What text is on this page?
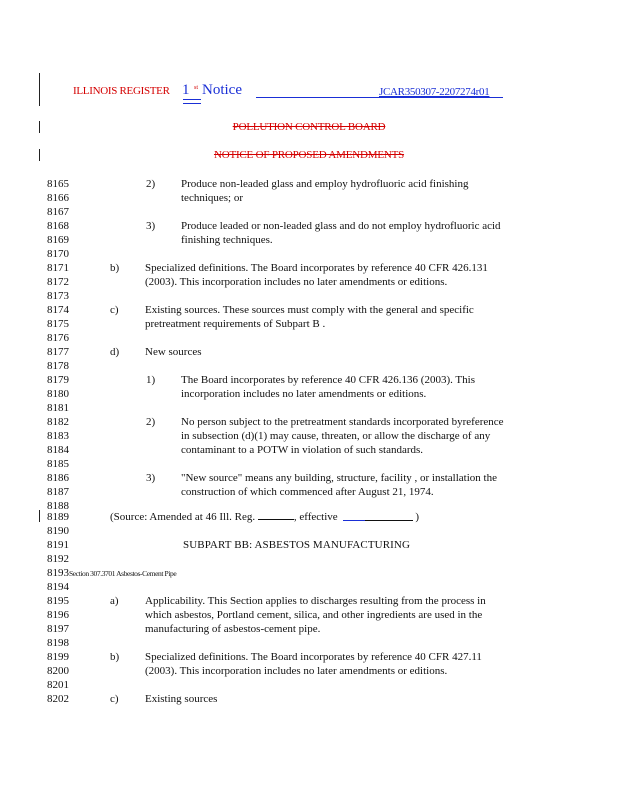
ILLINOIS REGISTER 1 st Notice	JCAR350307-2207274r01
POLLUTION CONTROL BOARD
NOTICE OF PROPOSED AMENDMENTS
8165	2) Produce non-leaded glass and employ hydrofluoric acid finishing
8166	techniques; or
8167
8168	3) Produce leaded or non-leaded glass and do not employ hydrofluoric acid
8169	finishing techniques.
8170
8171	b) Specialized definitions. The Board incorporates by reference 40 CFR 426.131
8172	(2003). This incorporation includes no later amendments or editions.
8173
8174	c) Existing sources. These sources must comply with the general and specific
8175	pretreatment requirements of Subpart B .
8176
8177	d) New sources
8178
8179	1) The Board incorporates by reference 40 CFR 426.136 (2003). This
8180	incorporation includes no later amendments or editions.
8181
8182	2) No person subject to the pretreatment standards incorporated byreference
8183	in subsection (d)(1) may cause, threaten, or allow the discharge of any
8184	contaminant to a POTW in violation of such standards.
8185
8186	3) "New source" means any building, structure, facility , or installation the
8187	construction of which commenced after August 21, 1974.
8188
8189	(Source: Amended at 46 Ill. Reg.	, effective	)
8190
8191	SUBPART BB: ASBESTOS MANUFACTURING
8192
8193Section 307.3701 Asbestos-Cement Pipe
8194
8195	a) Applicability. This Section applies to discharges resulting from the process in
8196	which asbestos, Portland cement, silica, and other ingredients are used in the
8197	manufacturing of asbestos-cement pipe.
8198
8199	b) Specialized definitions. The Board incorporates by reference 40 CFR 427.11
8200	(2003). This incorporation includes no later amendments or editions.
8201
8202	c) Existing sources
